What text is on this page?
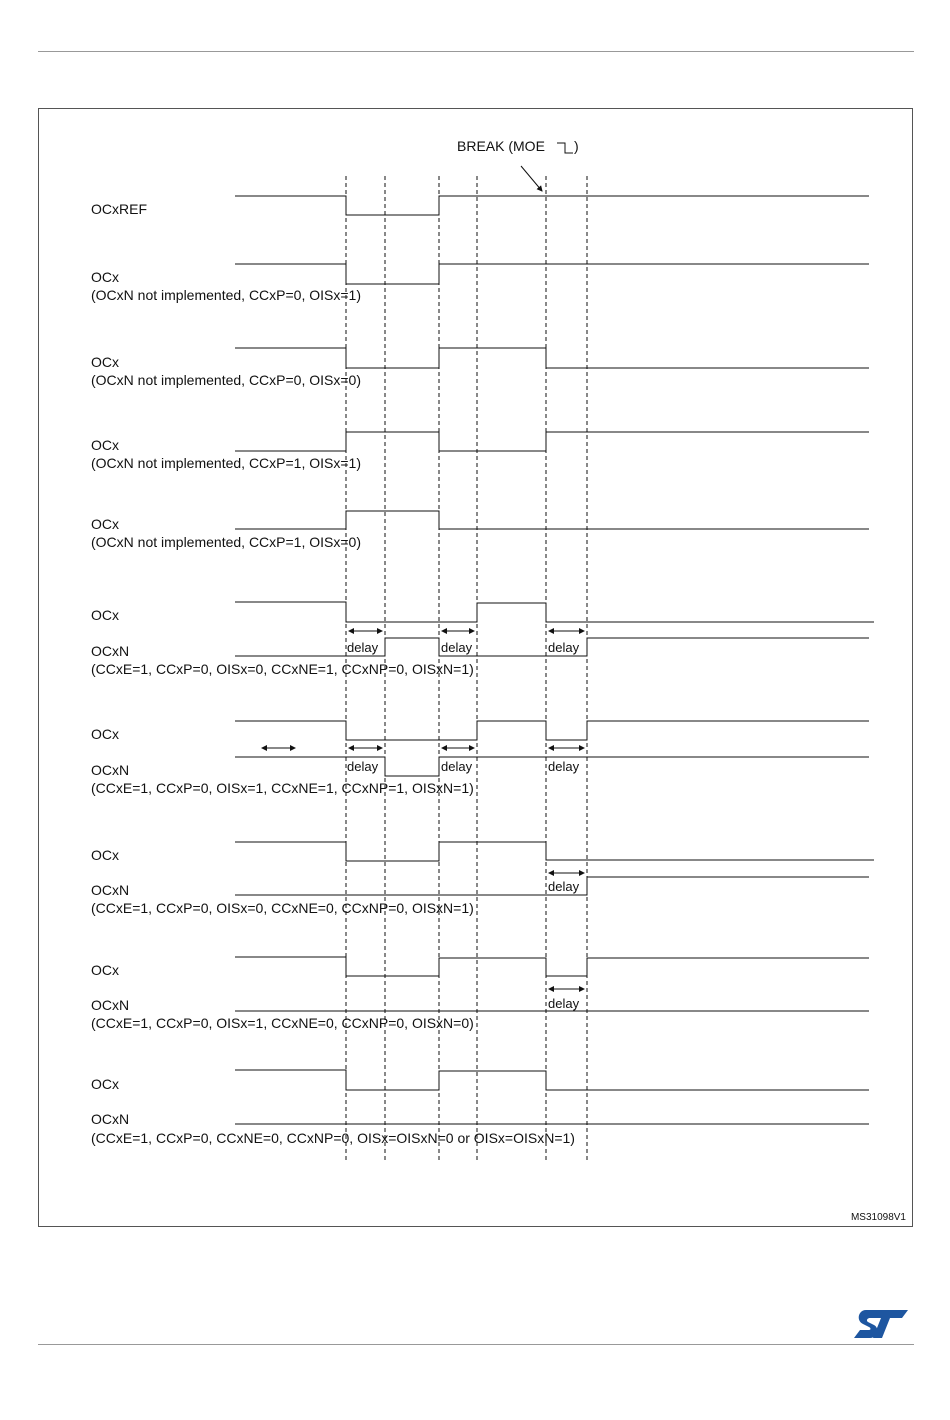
BREAK (MOE )
OCxREF
OCx
(OCxN not implemented, CCxP=0, OISx=1)
OCx
(OCxN not implemented, CCxP=0, OISx=0)
OCx
(OCxN not implemented, CCxP=1, OISx=1)
OCx
(OCxN not implemented, CCxP=1, OISx=0)
OCx
OCxN
(CCxE=1, CCxP=0, OISx=0, CCxNE=1, CCxNP=0, OISxN=1)
OCx
OCxN
(CCxE=1, CCxP=0, OISx=1, CCxNE=1, CCxNP=1, OISxN=1)
OCx
OCxN
(CCxE=1, CCxP=0, OISx=0, CCxNE=0, CCxNP=0, OISxN=1)
OCx
OCxN
(CCxE=1, CCxP=0, OISx=1, CCxNE=0, CCxNP=0, OISxN=0)
OCx
OCxN
(CCxE=1, CCxP=0, CCxNE=0, CCxNP=0, OISx=OISxN=0 or OISx=OISxN=1)
delay	delay	delay
delay	delay	delay
delay
delay
MS31098V1
